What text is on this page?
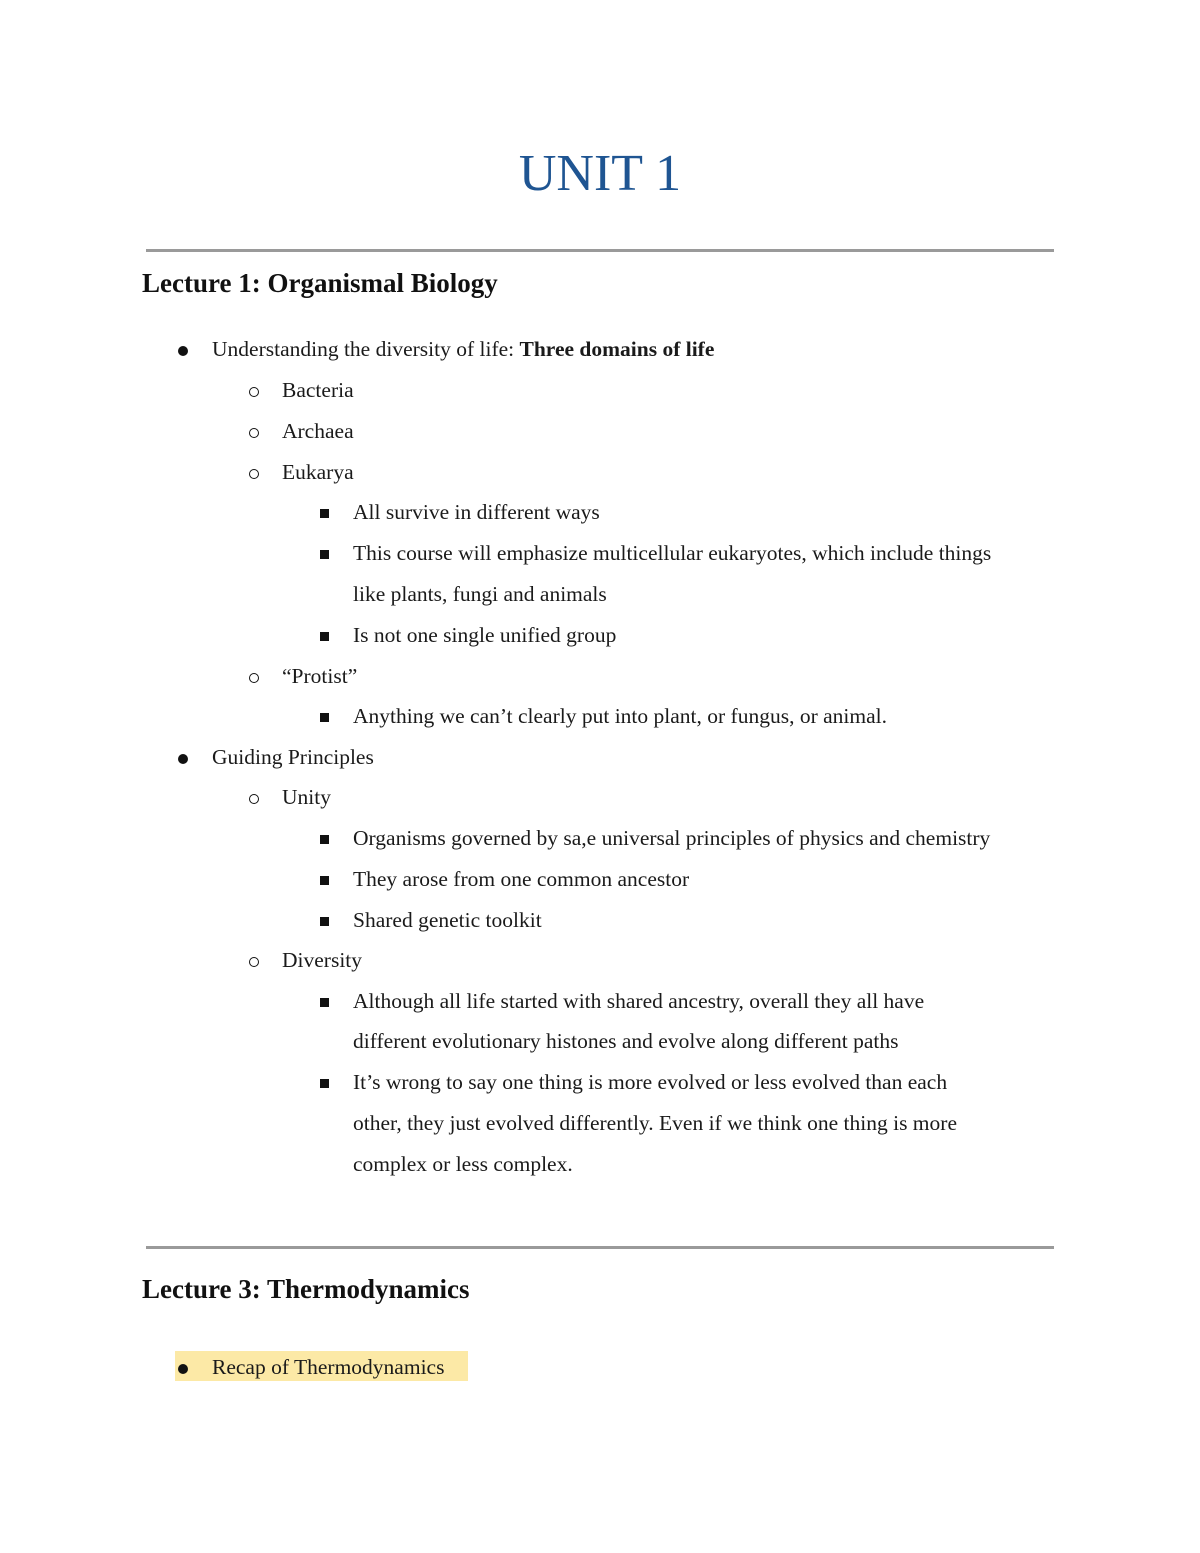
UNIT 1
Lecture 1: Organismal Biology
Understanding the diversity of life: Three domains of life
Bacteria
Archaea
Eukarya
All survive in different ways
This course will emphasize multicellular eukaryotes, which include things
like plants, fungi and animals
Is not one single unified group
“Protist”
Anything we can’t clearly put into plant, or fungus, or animal.
Guiding Principles
Unity
Organisms governed by sa,e universal principles of physics and chemistry
They arose from one common ancestor
Shared genetic toolkit
Diversity
Although all life started with shared ancestry, overall they all have
different evolutionary histones and evolve along different paths
It’s wrong to say one thing is more evolved or less evolved than each
other, they just evolved differently. Even if we think one thing is more
complex or less complex.
Lecture 3: Thermodynamics
Recap of Thermodynamics
